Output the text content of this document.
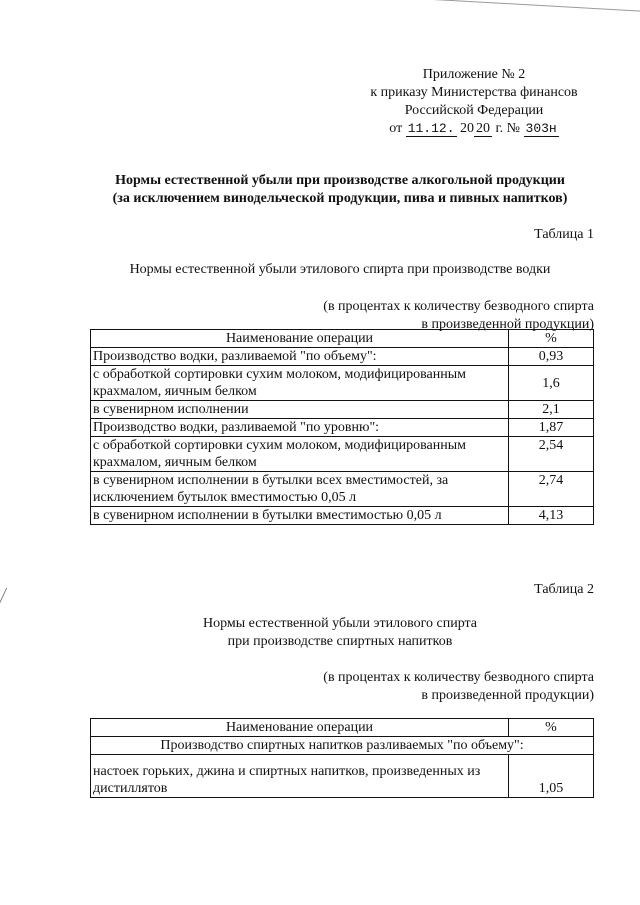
Приложение № 2
к приказу Министерства финансов
Российской Федерации
от 11.12. 20 20 г. № 303н
Нормы естественной убыли при производстве алкогольной продукции
(за исключением винодельческой продукции, пива и пивных напитков)
Таблица 1
Нормы естественной убыли этилового спирта при производстве водки
(в процентах к количеству безводного спирта
в произведенной продукции)
Наименование операции	%
Производство водки, разливаемой "по объему":	0,93
с обработкой сортировки сухим молоком, модифицированным крахмалом, яичным белком	1,6
в сувенирном исполнении	2,1
Производство водки, разливаемой "по уровню":	1,87
с обработкой сортировки сухим молоком, модифицированным крахмалом, яичным белком	2,54
в сувенирном исполнении в бутылки всех вместимостей, за исключением бутылок вместимостью 0,05 л	2,74
в сувенирном исполнении в бутылки вместимостью 0,05 л	4,13
Таблица 2
Нормы естественной убыли этилового спирта
при производстве спиртных напитков
(в процентах к количеству безводного спирта
в произведенной продукции)
Наименование операции	%
Производство спиртных напитков разливаемых "по объему":	
настоек горьких, джина и спиртных напитков, произведенных из дистиллятов	1,05
